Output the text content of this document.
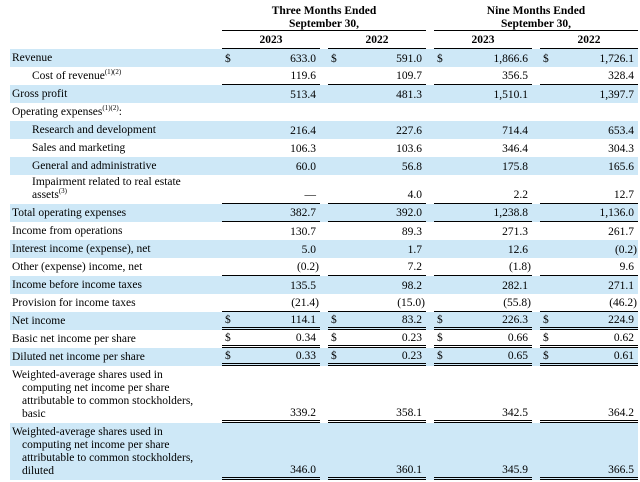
Three Months Ended
September 30,
Nine Months Ended
September 30,
2023	2022	2023	2022
Revenue	$	633.0	$	591.0	$	1,866.6	$	1,726.1
Cost of revenue$^{(1)(2)}$	119.6	109.7	356.5	328.4
Gross profit	513.4	481.3	1,510.1	1,397.7
Operating expenses$^{(1)(2)}$:
Research and development	216.4	227.6	714.4	653.4
Sales and marketing	106.3	103.6	346.4	304.3
General and administrative	60.0	56.8	175.8	165.6
Impairment related to real estate
assets$^{(3)}$	—	4.0	2.2	12.7
Total operating expenses	382.7	392.0	1,238.8	1,136.0
Income from operations	130.7	89.3	271.3	261.7
Interest income (expense), net	5.0	1.7	12.6	(0.2)
Other (expense) income, net	(0.2)	7.2	(1.8)	9.6
Income before income taxes	135.5	98.2	282.1	271.1
Provision for income taxes	(21.4)	(15.0)	(55.8)	(46.2)
Net income	$	114.1	$	83.2	$	226.3	$	224.9
Basic net income per share	$	0.34	$	0.23	$	0.66	$	0.62
Diluted net income per share	$	0.33	$	0.23	$	0.65	$	0.61
Weighted-average shares used in
computing net income per share
attributable to common stockholders,
basic	339.2	358.1	342.5	364.2
Weighted-average shares used in
computing net income per share
attributable to common stockholders,
diluted	346.0	360.1	345.9	366.5
